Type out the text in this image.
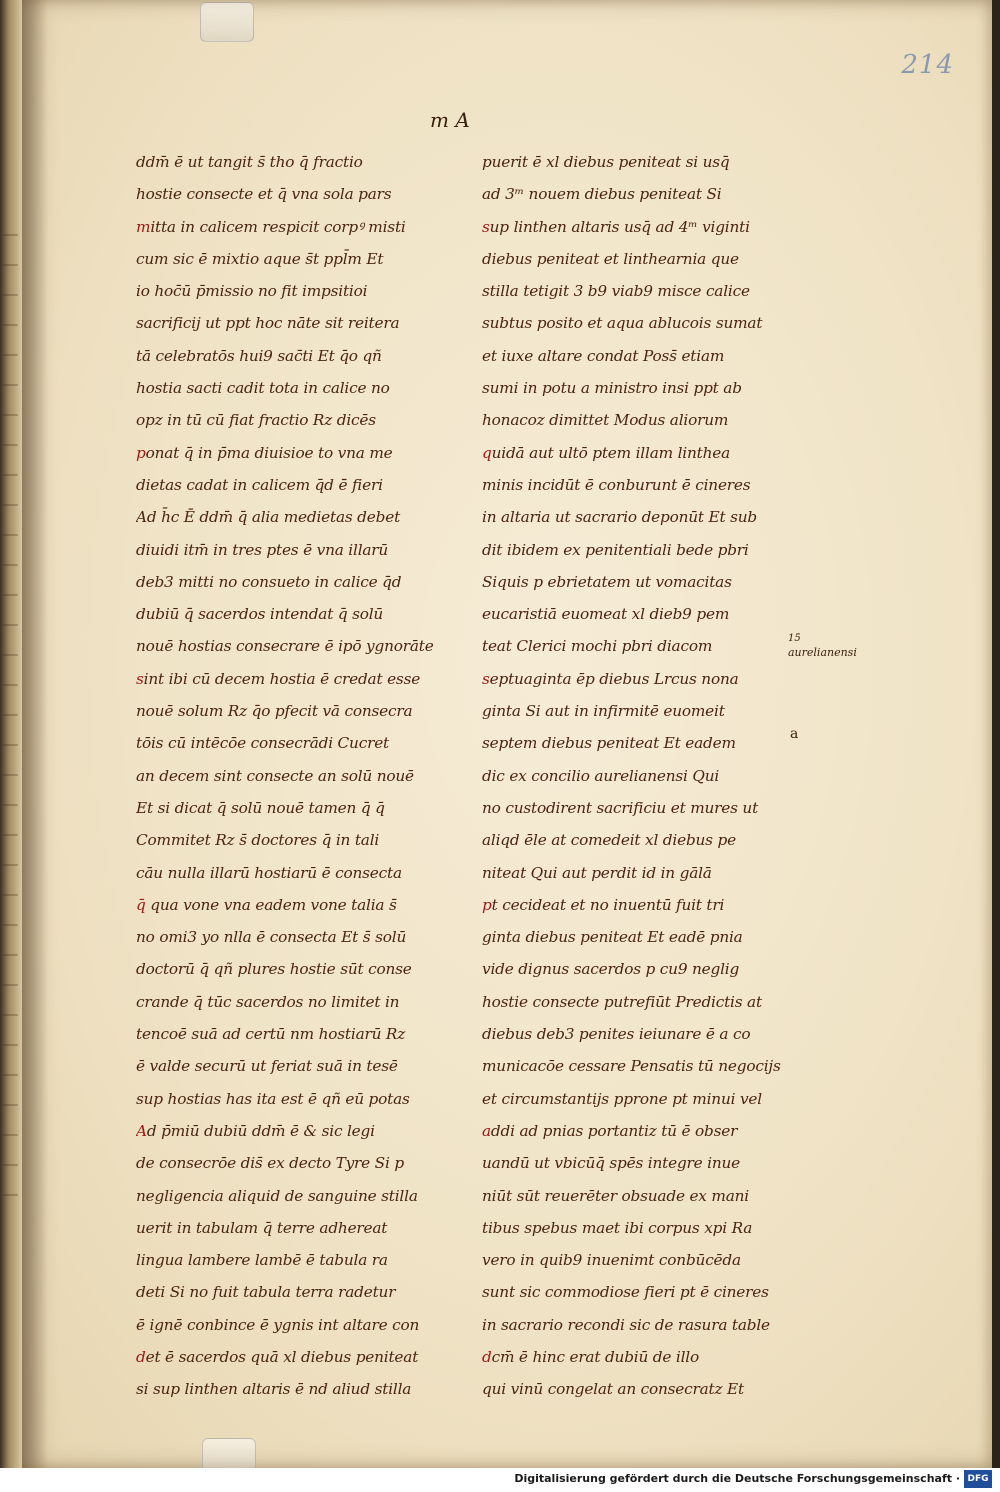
214
m A
ddm̄ ē ut tangit s̄ tho q̄ fractio
hostie consecte et q̄ vna sola pars
mitta in calicem respicit corpꝰ misti
cum sic ē mixtio aque s̄t ppl̄m Et
io hoc̄ū p̄missio no fit impsitioi
sacrificij ut ppt hoc nāte sit reitera
tā celebratōs hui9 sac̄ti Et q̄o qñ
hostia sacti cadit tota in calice no
opz in tū cū fiat fractio Rz dicēs
ponat q̄ in p̄ma diuisioe to vna me
dietas cadat in calicem q̄d ē̄ fieri
Ad h̄c Ē ddm̄ q̄ alia medietas debet
diuidi itm̄ in tres ptes ē vna illarū
deb3 mitti no consueto in calice q̄d
dubiū q̄ sacerdos intendat q̄ solū
nouē hostias consecrare ē ipō ygnorāte
sint ibi cū decem hostia ē credat esse
nouē solum Rz q̄o pfecit vā consecra
tōis cū intēcōe consecrādi Cucret
an decem sint consecte an solū nouē
Et si dicat q̄ solū nouē tamen q̄ q̄
Commitet Rz s̄ doctores q̄ in tali
cāu nulla illarū hostiarū ē consecta
q̄ qua vone vna eadem vone talia s̄
no omi3 yo nlla ē consecta Et s̄ solū
doctorū q̄ qñ plures hostie sūt conse
crande q̄ tūc sacerdos no limitet in
tencoē suā ad certū nm hostiarū Rz
ē valde securū ut feriat suā in tesē
sup hostias has ita est ē qñ eū potas
Ad p̄miū dubiū ddm̄ ē & sic legi
de consecrōe dis̄ ex decto Tyre Si p
negligencia aliquid de sanguine stilla
uerit in tabulam q̄ terre adhereat
lingua lambere lambē ē tabula ra
deti Si no fuit tabula terra radetur
ē ignē conbince ē ygnis int altare con
det ē sacerdos quā xl diebus peniteat
si sup linthen altaris ē nd aliud stilla
puerit ē xl diebus peniteat si usq̄
ad 3ᵐ nouem diebus peniteat Si
sup linthen altaris usq̄ ad 4ᵐ viginti
diebus peniteat et linthearnia que
stilla tetigit 3 b9 viab9 misce calice
subtus posito et aqua ablucois sumat
et iuxe altare condat Poss̄ etiam
sumi in potu a ministro insi ppt ab
honacoz dimittet Modus aliorum
quidā aut ultō ptem illam linthea
minis incidūt ē conburunt ē cineres
in altaria ut sacrario deponūt Et sub
dit ibidem ex penitentiali bede pbri
Siquis p ebrietatem ut vomacitas
eucaristiā euomeat xl dieb9 pem
teat Clerici mochi pbri diacom
septuaginta ēp diebus Lrcus nona
ginta Si aut in infirmitē euomeit
septem diebus peniteat Et eadem
dic ex concilio aurelianensi Qui
no custodirent sacrificiu et mures ut
aliqd ēle at comedeit xl diebus pe
niteat Qui aut perdit id in gālā
pt cecideat et no inuentū fuit tri
ginta diebus peniteat Et eadē pnia
vide dignus sacerdos p cu9 neglig
hostie consecte putrefiūt Predictis at
diebus deb3 penites ieiunare ē a co
municacōe cessare Pensatis tū negocijs
et circumstantijs pprone pt minui vel
addi ad pnias portantiz tū ē obser
uandū ut vbicūq̄ spēs integre inue
niūt sūt reuerēter obsuade ex mani
tibus spebus maet ibi corpus xpi Ra
vero in quib9 inuenimt conbūcēda
sunt sic commodiose fieri pt ē cineres
in sacrario recondi sic de rasura table
dcm̄ ē hinc erat dubiū de illo
qui vinū congelat an consecratz Et
15
aurelianensi
a
Digitalisierung gefördert durch die Deutsche Forschungsgemeinschaft · DFG
